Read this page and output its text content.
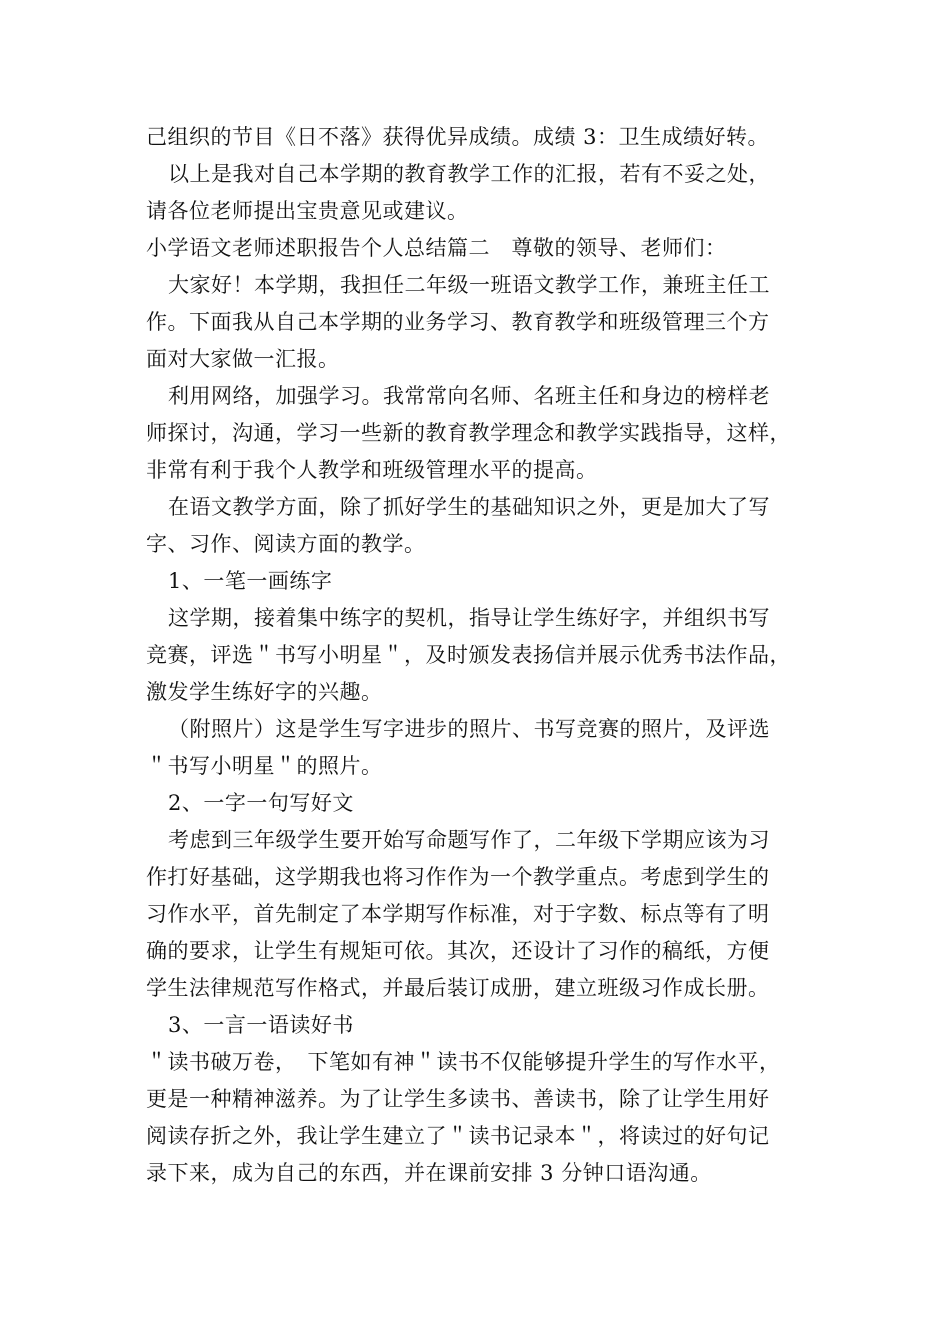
己组织的节目《日不落》获得优异成绩。成绩 3：卫生成绩好转。
以上是我对自己本学期的教育教学工作的汇报，若有不妥之处，
请各位老师提出宝贵意见或建议。
小学语文老师述职报告个人总结篇二　尊敬的领导、老师们：
大家好！本学期，我担任二年级一班语文教学工作，兼班主任工
作。下面我从自己本学期的业务学习、教育教学和班级管理三个方
面对大家做一汇报。
利用网络，加强学习。我常常向名师、名班主任和身边的榜样老
师探讨，沟通，学习一些新的教育教学理念和教学实践指导，这样，
非常有利于我个人教学和班级管理水平的提高。
在语文教学方面，除了抓好学生的基础知识之外，更是加大了写
字、习作、阅读方面的教学。
1、一笔一画练字
这学期，接着集中练字的契机，指导让学生练好字，并组织书写
竞赛，评选＂书写小明星＂，及时颁发表扬信并展示优秀书法作品，
激发学生练好字的兴趣。
（附照片）这是学生写字进步的照片、书写竞赛的照片，及评选
＂书写小明星＂的照片。
2、一字一句写好文
考虑到三年级学生要开始写命题写作了，二年级下学期应该为习
作打好基础，这学期我也将习作作为一个教学重点。考虑到学生的
习作水平，首先制定了本学期写作标准，对于字数、标点等有了明
确的要求，让学生有规矩可依。其次，还设计了习作的稿纸，方便
学生法律规范写作格式，并最后装订成册，建立班级习作成长册。
3、一言一语读好书
＂读书破万卷，　下笔如有神＂读书不仅能够提升学生的写作水平，
更是一种精神滋养。为了让学生多读书、善读书，除了让学生用好
阅读存折之外，我让学生建立了＂读书记录本＂，将读过的好句记
录下来，成为自己的东西，并在课前安排 3 分钟口语沟通。
